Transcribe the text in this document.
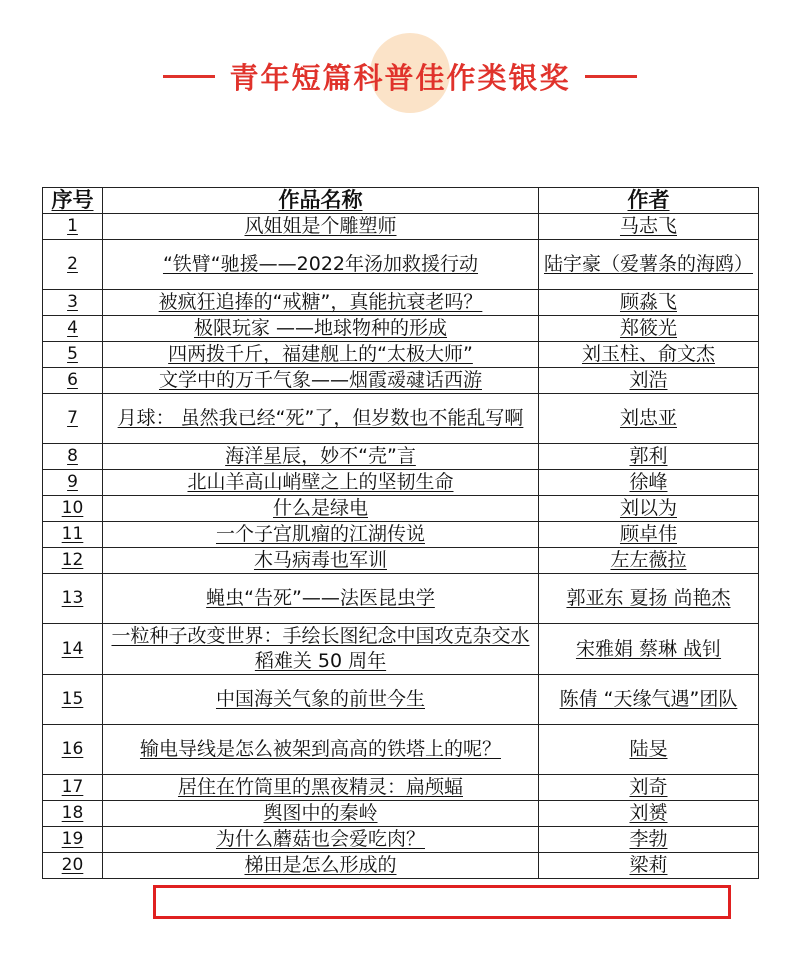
青年短篇科普佳作类银奖
序号	作品名称	作者
1	风姐姐是个雕塑师	马志飞
2	“铁臂“驰援——2022年汤加救援行动	陆宇豪（爱薯条的海鸥）
3	被疯狂追捧的“戒糖”，真能抗衰老吗？	顾淼飞
4	极限玩家 ——地球物种的形成	郑筱光
5	四两拨千斤，福建舰上的“太极大师”	刘玉柱、俞文杰
6	文学中的万千气象——烟霞叆叇话西游	刘浩
7	月球： 虽然我已经“死”了，但岁数也不能乱写啊	刘忠亚
8	海洋星辰，妙不“壳”言	郭利
9	北山羊高山峭壁之上的坚韧生命	徐峰
10	什么是绿电	刘以为
11	一个子宫肌瘤的江湖传说	顾卓伟
12	木马病毒也军训	左左薇拉
13	蝇虫“告死”——法医昆虫学	郭亚东 夏扬 尚艳杰
14	一粒种子改变世界：手绘长图纪念中国攻克杂交水稻难关 50 周年	宋雅娟 蔡琳 战钊
15	中国海关气象的前世今生	陈倩 “天缘气遇”团队
16	输电导线是怎么被架到高高的铁塔上的呢？	陆旻
17	居住在竹筒里的黑夜精灵：扁颅蝠	刘奇
18	舆图中的秦岭	刘赟
19	为什么蘑菇也会爱吃肉？	李勃
20	梯田是怎么形成的	梁莉
